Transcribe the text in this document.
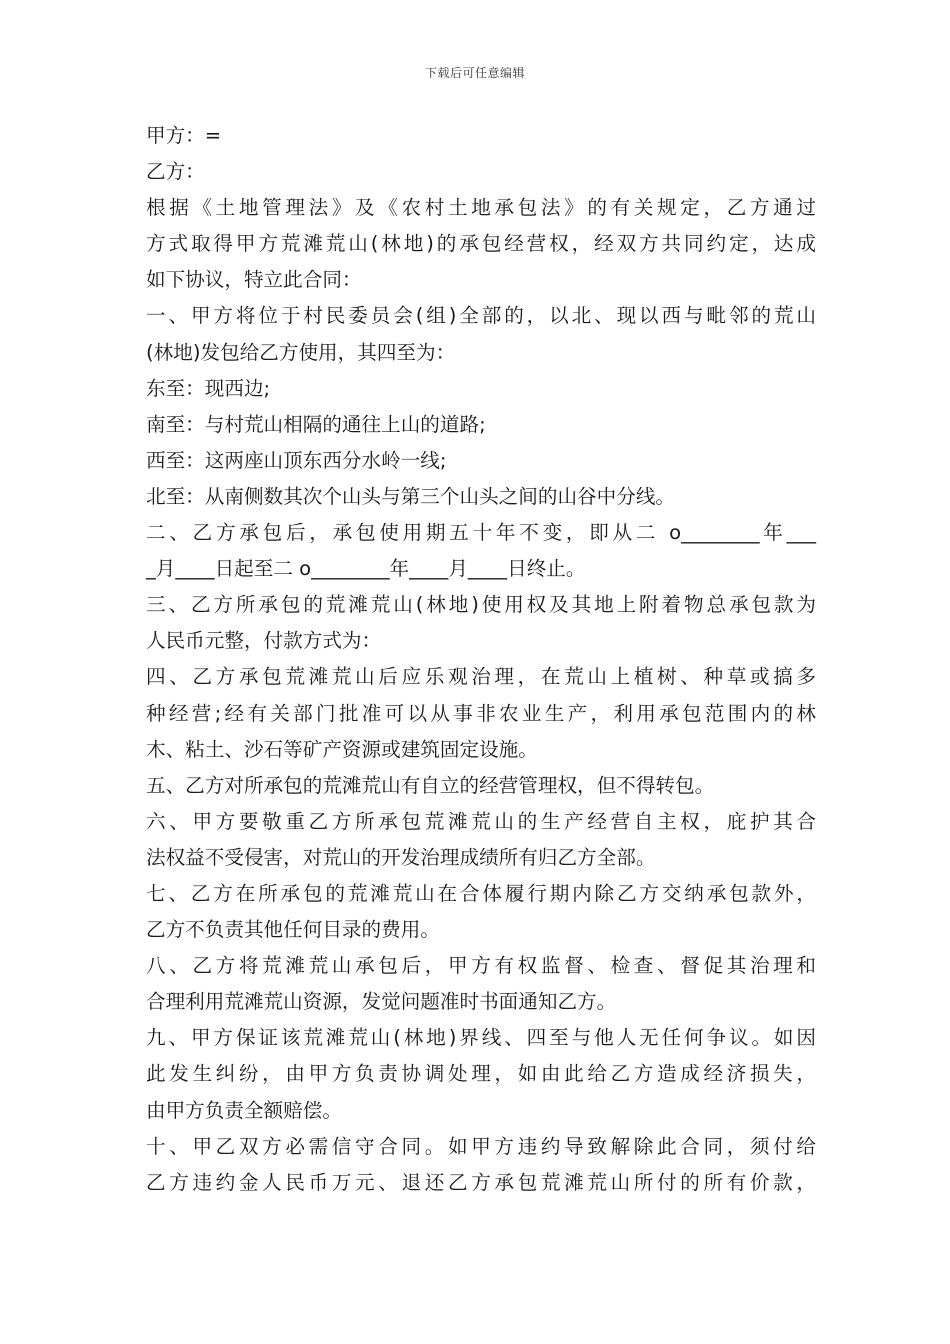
下载后可任意编辑
甲方：=
乙方：
根据《土地管理法》及《农村土地承包法》的有关规定，乙方通过
方式取得甲方荒滩荒山(林地)的承包经营权，经双方共同约定，达成
如下协议，特立此合同：
一、甲方将位于村民委员会(组)全部的，以北、现以西与毗邻的荒山
(林地)发包给乙方使用，其四至为：
东至：现西边;
南至：与村荒山相隔的通往上山的道路;
西至：这两座山顶东西分水岭一线;
北至：从南侧数其次个山头与第三个山头之间的山谷中分线。
二、乙方承包后，承包使用期五十年不变，即从二 o________年___
_月____日起至二 o________年____月____日终止。
三、乙方所承包的荒滩荒山(林地)使用权及其地上附着物总承包款为
人民币元整，付款方式为：
四、乙方承包荒滩荒山后应乐观治理，在荒山上植树、种草或搞多
种经营;经有关部门批准可以从事非农业生产，利用承包范围内的林
木、粘土、沙石等矿产资源或建筑固定设施。
五、乙方对所承包的荒滩荒山有自立的经营管理权，但不得转包。
六、甲方要敬重乙方所承包荒滩荒山的生产经营自主权，庇护其合
法权益不受侵害，对荒山的开发治理成绩所有归乙方全部。
七、乙方在所承包的荒滩荒山在合体履行期内除乙方交纳承包款外，
乙方不负责其他任何目录的费用。
八、乙方将荒滩荒山承包后，甲方有权监督、检查、督促其治理和
合理利用荒滩荒山资源，发觉问题准时书面通知乙方。
九、甲方保证该荒滩荒山(林地)界线、四至与他人无任何争议。如因
此发生纠纷，由甲方负责协调处理，如由此给乙方造成经济损失，
由甲方负责全额赔偿。
十、甲乙双方必需信守合同。如甲方违约导致解除此合同，须付给
乙方违约金人民币万元、退还乙方承包荒滩荒山所付的所有价款，
